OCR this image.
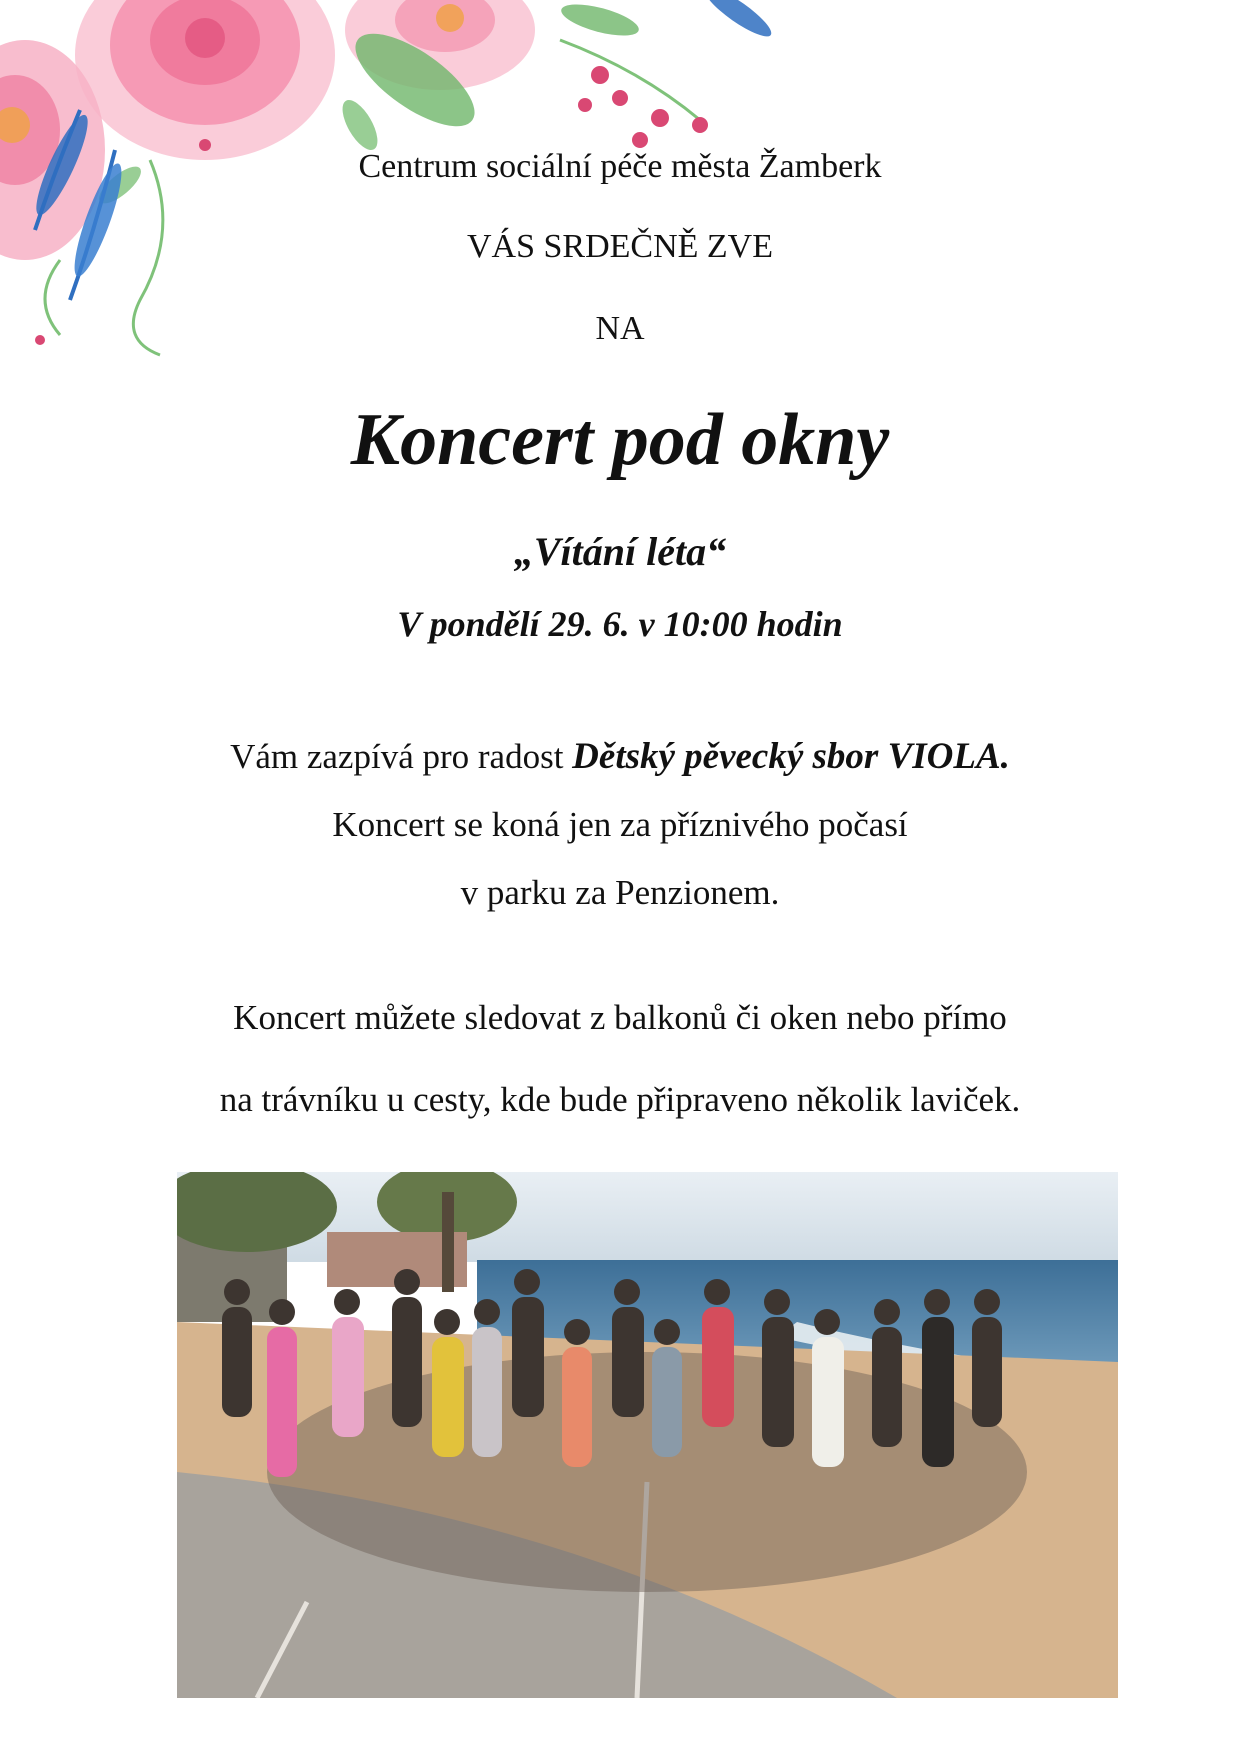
Centrum sociální péče města Žamberk
VÁS SRDEČNĚ ZVE
NA
Koncert pod okny
„Vítání léta“
V pondělí 29. 6. v 10:00 hodin
Vám zazpívá pro radost Dětský pěvecký sbor VIOLA.
Koncert se koná jen za příznivého počasí
v parku za Penzionem.
Koncert můžete sledovat z balkonů či oken nebo přímo
na trávníku u cesty, kde bude připraveno několik laviček.
